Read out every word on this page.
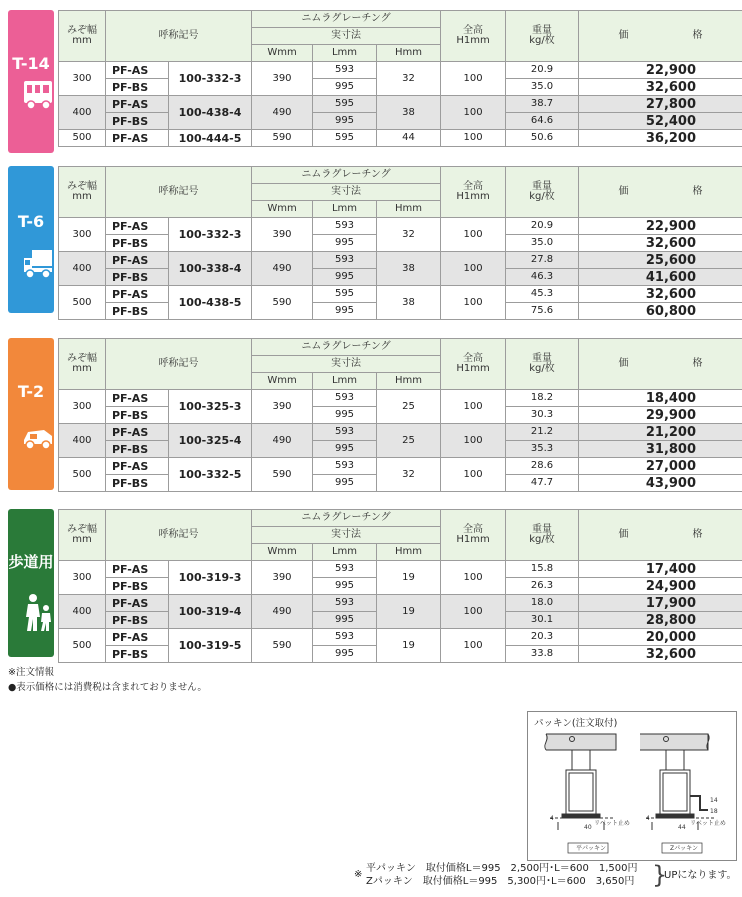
T-14
みぞ幅
mm	呼称記号		ニムラグレーチング			全高
H1mm	重量
kg/枚	価 格
			実寸法					
			Wmm	Lmm	Hmm			
300	PF-AS	100-332-3	390	593	32	100	20.9	22,900
	PF-BS			995			35.0	32,600
400	PF-AS	100-438-4	490	595	38	100	38.7	27,800
	PF-BS			995			64.6	52,400
500	PF-AS	100-444-5	590	595	44	100	50.6	36,200
T-6
みぞ幅
mm	呼称記号		ニムラグレーチング			全高
H1mm	重量
kg/枚	価 格
			実寸法					
			Wmm	Lmm	Hmm			
300	PF-AS	100-332-3	390	593	32	100	20.9	22,900
	PF-BS			995			35.0	32,600
400	PF-AS	100-338-4	490	593	38	100	27.8	25,600
	PF-BS			995			46.3	41,600
500	PF-AS	100-438-5	590	595	38	100	45.3	32,600
	PF-BS			995			75.6	60,800
T-2
みぞ幅
mm	呼称記号		ニムラグレーチング			全高
H1mm	重量
kg/枚	価 格
			実寸法					
			Wmm	Lmm	Hmm			
300	PF-AS	100-325-3	390	593	25	100	18.2	18,400
	PF-BS			995			30.3	29,900
400	PF-AS	100-325-4	490	593	25	100	21.2	21,200
	PF-BS			995			35.3	31,800
500	PF-AS	100-332-5	590	593	32	100	28.6	27,000
	PF-BS			995			47.7	43,900
歩道用
みぞ幅
mm	呼称記号		ニムラグレーチング			全高
H1mm	重量
kg/枚	価 格
			実寸法					
			Wmm	Lmm	Hmm			
300	PF-AS	100-319-3	390	593	19	100	15.8	17,400
	PF-BS			995			26.3	24,900
400	PF-AS	100-319-4	490	593	19	100	18.0	17,900
	PF-BS			995			30.1	28,800
500	PF-AS	100-319-5	590	593	19	100	20.3	20,000
	PF-BS			995			33.8	32,600
※注文情報
●表示価格には消費税は含まれておりません。
パッキン(注文取付)
4
40
4
44
14
18
リベット止め	リベット止め
平パッキン	Zパッキン
※
平パッキン　取付価格L＝995　2,500円･L＝600　1,500円
Zパッキン　取付価格L＝995　5,300円･L＝600　3,650円 }
UPになります。
